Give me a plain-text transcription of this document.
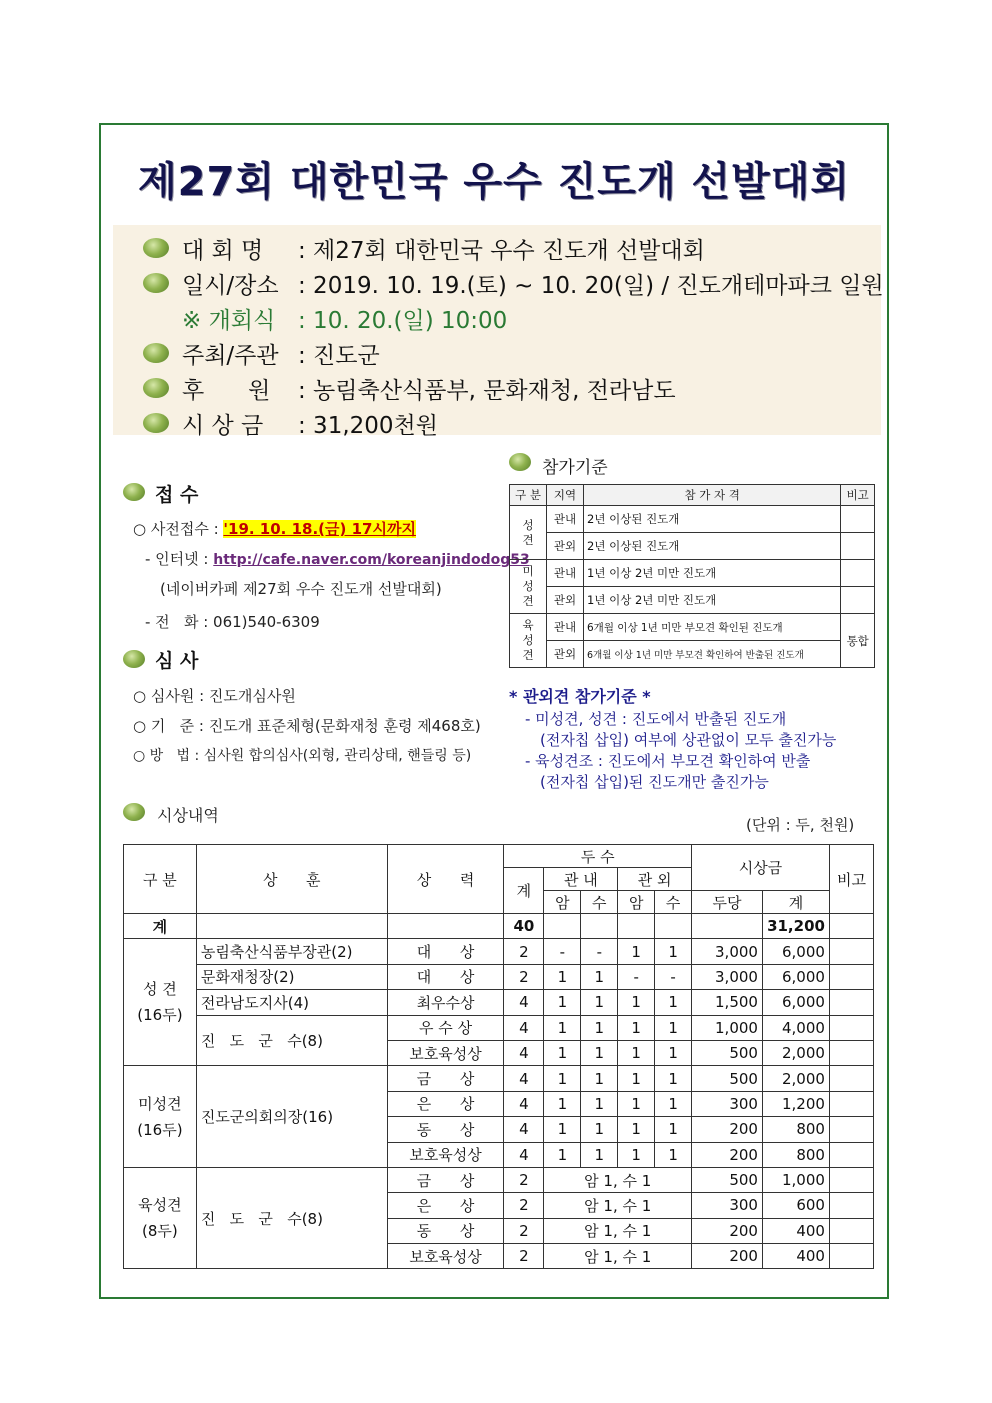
제27회 대한민국 우수 진도개 선발대회
대 회 명 : 제27회 대한민국 우수 진도개 선발대회
일시/장소 : 2019. 10. 19.(토) ~ 10. 20(일) / 진도개테마파크 일원
※ 개회식 : 10. 20.(일) 10:00
주최/주관 : 진도군
후      원 : 농림축산식품부, 문화재청, 전라남도
시 상 금 : 31,200천원
접 수
○ 사전접수 : '19. 10. 18.(금) 17시까지
- 인터넷 : http://cafe.naver.com/koreanjindodog53
(네이버카페 제27회 우수 진도개 선발대회)
- 전   화 : 061)540-6309
심 사
○ 심사원 : 진도개심사원
○ 기   준 : 진도개 표준체형(문화재청 훈령 제468호)
○ 방   법 : 심사원 합의심사(외형, 관리상태, 핸들링 등)
참가기준
구 분	지역	참 가 자 격	비고
성
견	관내	2년 이상된 진도개	
	관외	2년 이상된 진도개	
미
성
견	관내	1년 이상 2년 미만 진도개	
	관외	1년 이상 2년 미만 진도개	
육
성
견	관내	6개월 이상 1년 미만 부모견 확인된 진도개	통합
	관외	6개월 이상 1년 미만 부모견 확인하여 반출된 진도개	
* 관외견 참가기준 *
- 미성견, 성견 : 진도에서 반출된 진도개
(전자칩 삽입) 여부에 상관없이 모두 출진가능
- 육성견조 : 진도에서 부모견 확인하여 반출
(전자칩 삽입)된 진도개만 출진가능
시상내역	(단위 : 두, 천원)
구 분	상      훈	상      력	두 수					시상금		비고
			계	관 내		관 외				
				암	수	암	수	두당	계	
계			40						31,200	
성 견
(16두)	농림축산식품부장관(2)	대      상	2	-	-	1	1	3,000	6,000	
	문화재청장(2)	대      상	2	1	1	-	-	3,000	6,000	
	전라남도지사(4)	최우수상	4	1	1	1	1	1,500	6,000	
	진   도   군   수(8)	우 수 상	4	1	1	1	1	1,000	4,000	
		보호육성상	4	1	1	1	1	500	2,000	
미성견
(16두)	진도군의회의장(16)	금      상	4	1	1	1	1	500	2,000	
		은      상	4	1	1	1	1	300	1,200	
		동      상	4	1	1	1	1	200	800	
		보호육성상	4	1	1	1	1	200	800	
육성견
(8두)	진   도   군   수(8)	금      상	2	암 1, 수 1				500	1,000	
		은      상	2	암 1, 수 1				300	600	
		동      상	2	암 1, 수 1				200	400	
		보호육성상	2	암 1, 수 1				200	400	
